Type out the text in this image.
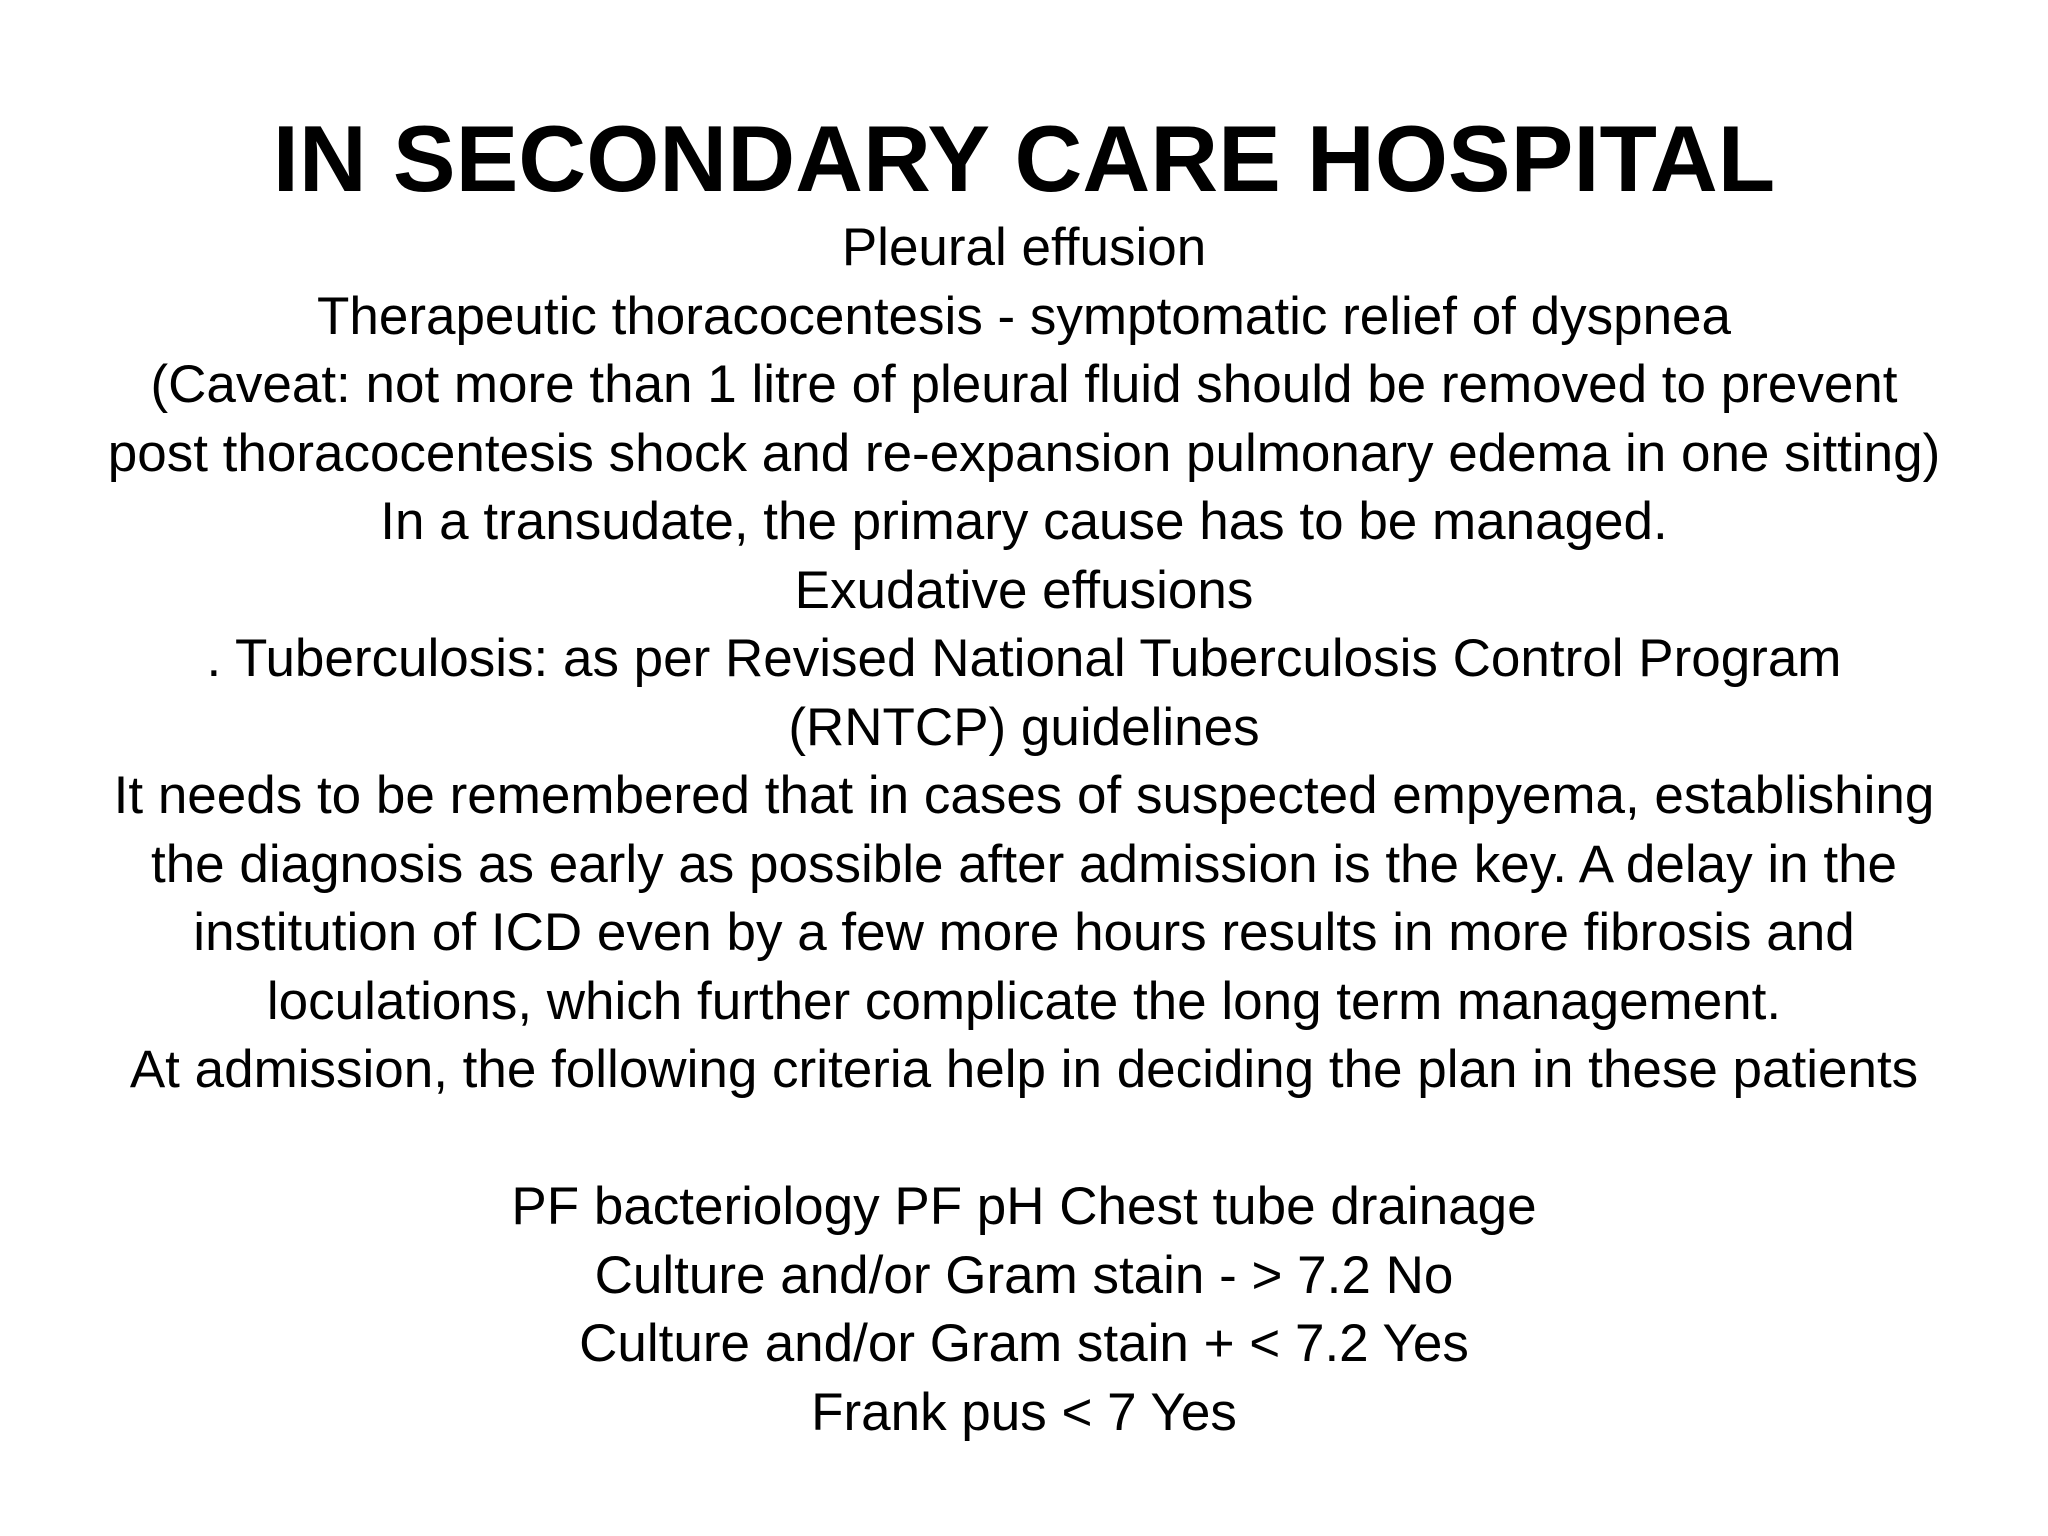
IN SECONDARY CARE HOSPITAL
Pleural effusion
Therapeutic thoracocentesis - symptomatic relief of dyspnea
(Caveat: not more than 1 litre of pleural fluid should be removed to prevent
post thoracocentesis shock and re-expansion pulmonary edema in one sitting)
In a transudate, the primary cause has to be managed.
Exudative effusions
. Tuberculosis: as per Revised National Tuberculosis Control Program
(RNTCP) guidelines
It needs to be remembered that in cases of suspected empyema, establishing
the diagnosis as early as possible after admission is the key. A delay in the
institution of ICD even by a few more hours results in more fibrosis and
loculations, which further complicate the long term management.
At admission, the following criteria help in deciding the plan in these patients
PF bacteriology PF pH Chest tube drainage
Culture and/or Gram stain - > 7.2 No
Culture and/or Gram stain + < 7.2 Yes
Frank pus < 7 Yes
